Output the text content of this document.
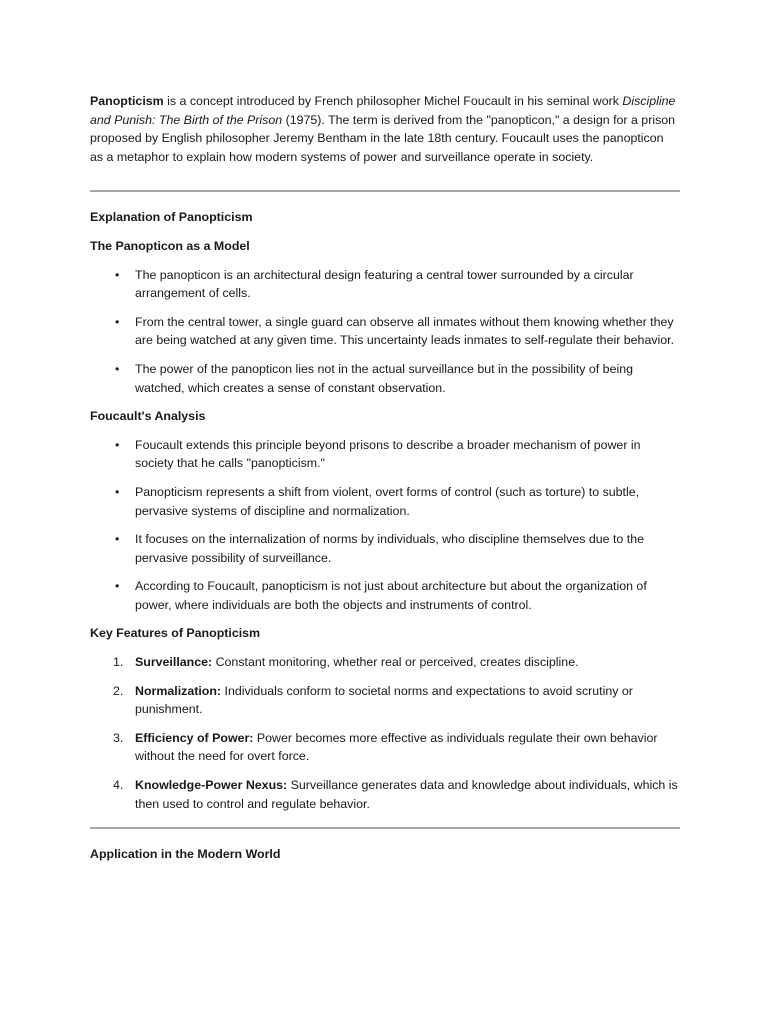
Panopticism is a concept introduced by French philosopher Michel Foucault in his seminal work Discipline and Punish: The Birth of the Prison (1975). The term is derived from the "panopticon," a design for a prison proposed by English philosopher Jeremy Bentham in the late 18th century. Foucault uses the panopticon as a metaphor to explain how modern systems of power and surveillance operate in society.

Explanation of Panopticism
The Panopticon as a Model
• The panopticon is an architectural design featuring a central tower surrounded by a circular arrangement of cells.
• From the central tower, a single guard can observe all inmates without them knowing whether they are being watched at any given time. This uncertainty leads inmates to self-regulate their behavior.
• The power of the panopticon lies not in the actual surveillance but in the possibility of being watched, which creates a sense of constant observation.
Foucault's Analysis
• Foucault extends this principle beyond prisons to describe a broader mechanism of power in society that he calls "panopticism."
• Panopticism represents a shift from violent, overt forms of control (such as torture) to subtle, pervasive systems of discipline and normalization.
• It focuses on the internalization of norms by individuals, who discipline themselves due to the pervasive possibility of surveillance.
• According to Foucault, panopticism is not just about architecture but about the organization of power, where individuals are both the objects and instruments of control.
Key Features of Panopticism
1. Surveillance: Constant monitoring, whether real or perceived, creates discipline.
2. Normalization: Individuals conform to societal norms and expectations to avoid scrutiny or punishment.
3. Efficiency of Power: Power becomes more effective as individuals regulate their own behavior without the need for overt force.
4. Knowledge-Power Nexus: Surveillance generates data and knowledge about individuals, which is then used to control and regulate behavior.
Application in the Modern World
